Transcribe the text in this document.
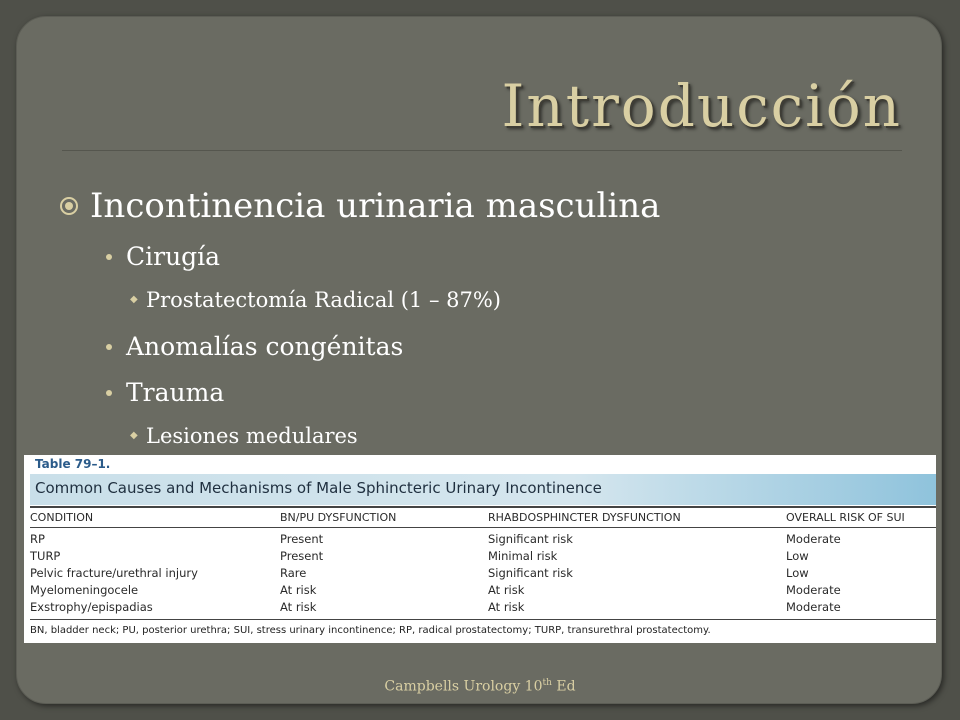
Introducción
Incontinencia urinaria masculina
Cirugía
◆ Prostatectomía Radical (1 – 87%)
Anomalías congénitas
Trauma
◆ Lesiones medulares
Table 79–1.
Common Causes and Mechanisms of Male Sphincteric Urinary Incontinence
CONDITION	BN/PU DYSFUNCTION	RHABDOSPHINCTER DYSFUNCTION	OVERALL RISK OF SUI
RP	Present	Significant risk	Moderate
TURP	Present	Minimal risk	Low
Pelvic fracture/urethral injury	Rare	Significant risk	Low
Myelomeningocele	At risk	At risk	Moderate
Exstrophy/epispadias	At risk	At risk	Moderate
BN, bladder neck; PU, posterior urethra; SUI, stress urinary incontinence; RP, radical prostatectomy; TURP, transurethral prostatectomy.
Campbells Urology 10th Ed
